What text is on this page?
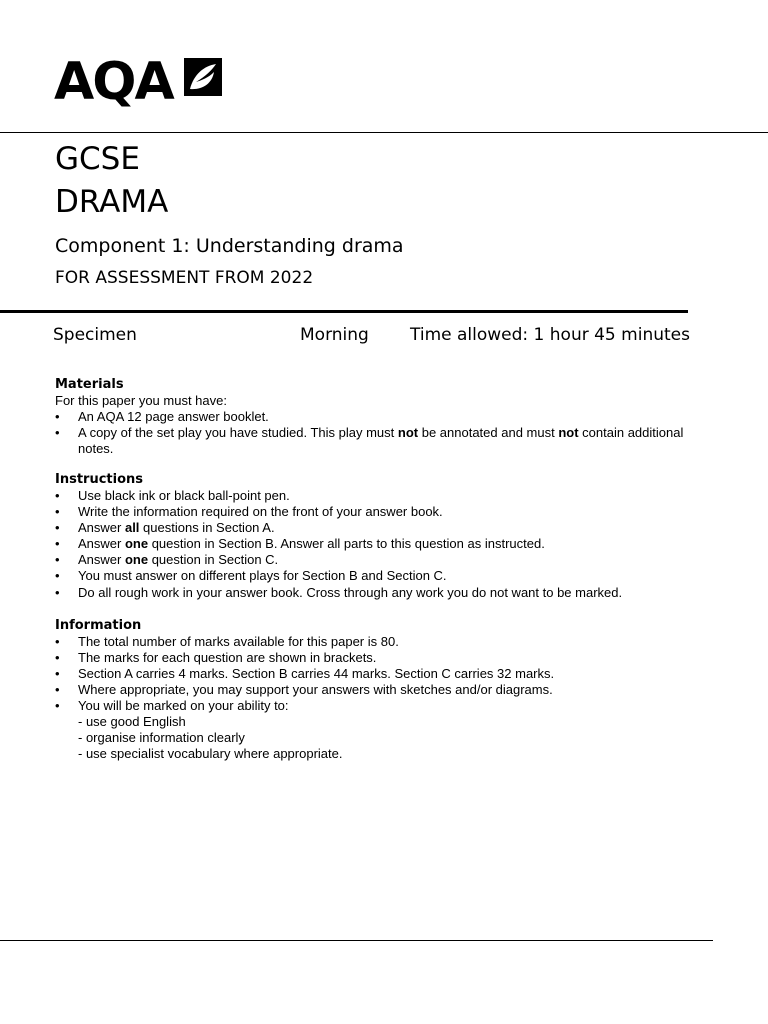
AQA

GCSE

DRAMA

Component 1: Understanding drama

FOR ASSESSMENT FROM 2022

Specimen	Morning Time allowed: 1 hour 45 minutes
Materials

For this paper you must have:

• An AQA 12 page answer booklet.
• A copy of the set play you have studied. This play must not be annotated and must not contain additional notes.
Instructions
• Use black ink or black ball-point pen.
• Write the information required on the front of your answer book.
• Answer all questions in Section A.
• Answer one question in Section B. Answer all parts to this question as instructed.
• Answer one question in Section C.
• You must answer on different plays for Section B and Section C.
• Do all rough work in your answer book. Cross through any work you do not want to be marked.
Information
• The total number of marks available for this paper is 80.
• The marks for each question are shown in brackets.
• Section A carries 4 marks. Section B carries 44 marks. Section C carries 32 marks.
• Where appropriate, you may support your answers with sketches and/or diagrams.
• You will be marked on your ability to:
- use good English
- organise information clearly
- use specialist vocabulary where appropriate.
